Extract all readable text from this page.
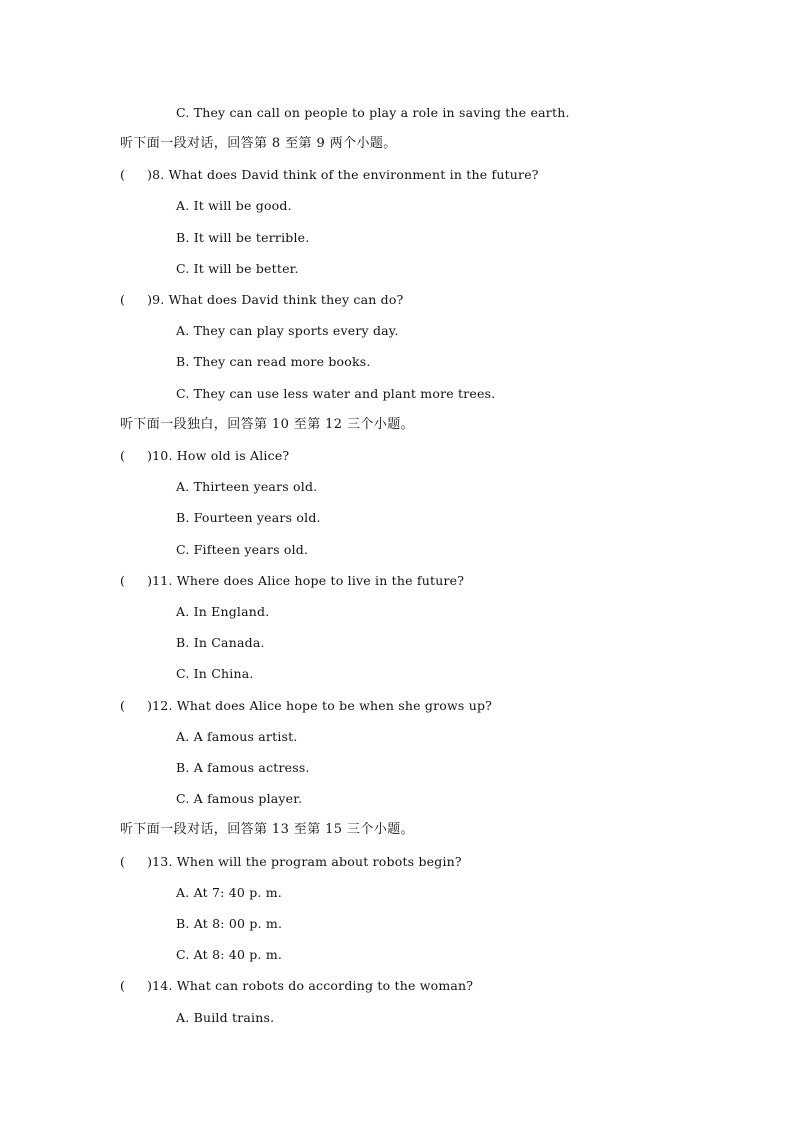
C. They can call on people to play a role in saving the earth.
听下面一段对话，回答第 8 至第 9 两个小题。
( )8. What does David think of the environment in the future?
A. It will be good.
B. It will be terrible.
C. It will be better.
( )9. What does David think they can do?
A. They can play sports every day.
B. They can read more books.
C. They can use less water and plant more trees.
听下面一段独白，回答第 10 至第 12 三个小题。
( )10. How old is Alice?
A. Thirteen years old.
B. Fourteen years old.
C. Fifteen years old.
( )11. Where does Alice hope to live in the future?
A. In England.
B. In Canada.
C. In China.
( )12. What does Alice hope to be when she grows up?
A. A famous artist.
B. A famous actress.
C. A famous player.
听下面一段对话，回答第 13 至第 15 三个小题。
( )13. When will the program about robots begin?
A. At 7: 40 p. m.
B. At 8: 00 p. m.
C. At 8: 40 p. m.
( )14. What can robots do according to the woman?
A. Build trains.
